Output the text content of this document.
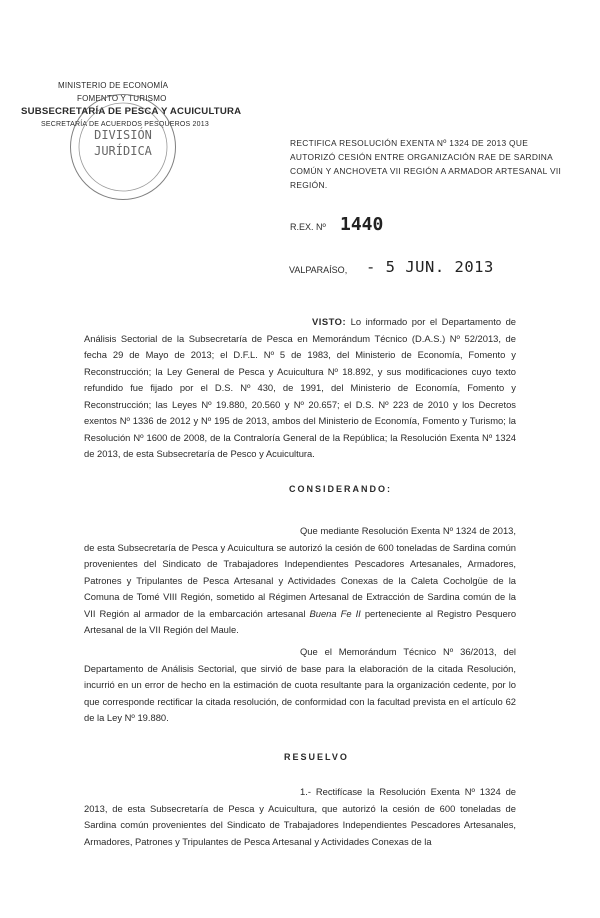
MINISTERIO DE ECONOMÍA
FOMENTO Y TURISMO
SUBSECRETARÍA DE PESCA Y ACUICULTURA
SECRETARÍA DE ACUERDOS PESQUEROS 2013
DIVISIÓN
JURÍDICA
RECTIFICA RESOLUCIÓN EXENTA Nº 1324 DE 2013 QUE AUTORIZÓ CESIÓN ENTRE ORGANIZACIÓN RAE DE SARDINA COMÚN Y ANCHOVETA VII REGIÓN A ARMADOR ARTESANAL VII REGIÓN.
R.EX. Nº 1440
VALPARAÍSO, - 5 JUN. 2013
VISTO: Lo informado por el Departamento de Análisis Sectorial de la Subsecretaría de Pesca en Memorándum Técnico (D.A.S.) Nº 52/2013, de fecha 29 de Mayo de 2013; el D.F.L. Nº 5 de 1983, del Ministerio de Economía, Fomento y Reconstrucción; la Ley General de Pesca y Acuicultura Nº 18.892, y sus modificaciones cuyo texto refundido fue fijado por el D.S. Nº 430, de 1991, del Ministerio de Economía, Fomento y Reconstrucción; las Leyes Nº 19.880, 20.560 y Nº 20.657; el D.S. Nº 223 de 2010 y los Decretos exentos Nº 1336 de 2012 y Nº 195 de 2013, ambos del Ministerio de Economía, Fomento y Turismo; la Resolución Nº 1600 de 2008, de la Contraloría General de la República; la Resolución Exenta Nº 1324 de 2013, de esta Subsecretaría de Pesco y Acuicultura.
CONSIDERANDO:
Que mediante Resolución Exenta Nº 1324 de 2013, de esta Subsecretaría de Pesca y Acuicultura se autorizó la cesión de 600 toneladas de Sardina común provenientes del Sindicato de Trabajadores Independientes Pescadores Artesanales, Armadores, Patrones y Tripulantes de Pesca Artesanal y Actividades Conexas de la Caleta Cocholgüe de la Comuna de Tomé VIII Región, sometido al Régimen Artesanal de Extracción de Sardina común de la VII Región al armador de la embarcación artesanal Buena Fe II perteneciente al Registro Pesquero Artesanal de la VII Región del Maule.
Que el Memorándum Técnico Nº 36/2013, del Departamento de Análisis Sectorial, que sirvió de base para la elaboración de la citada Resolución, incurrió en un error de hecho en la estimación de cuota resultante para la organización cedente, por lo que corresponde rectificar la citada resolución, de conformidad con la facultad prevista en el artículo 62 de la Ley Nº 19.880.
RESUELVO
1.- Rectifícase la Resolución Exenta Nº 1324 de 2013, de esta Subsecretaría de Pesca y Acuicultura, que autorizó la cesión de 600 toneladas de Sardina común provenientes del Sindicato de Trabajadores Independientes Pescadores Artesanales, Armadores, Patrones y Tripulantes de Pesca Artesanal y Actividades Conexas de la
